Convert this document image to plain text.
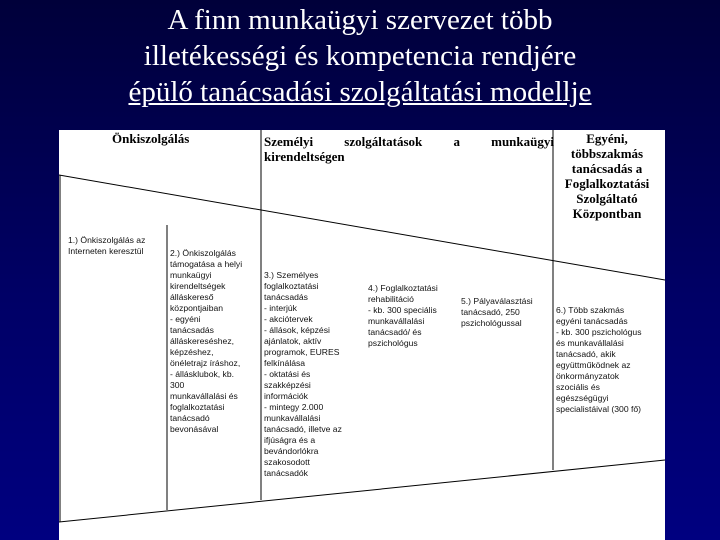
A finn munkaügyi szervezet több
illetékességi és kompetencia rendjére
épülő tanácsadási szolgáltatási modellje
Önkiszolgálás	Személyi szolgáltatások a munkaügyi
kirendeltségen
Egyéni,
többszakmás
tanácsadás a
Foglalkoztatási
Szolgáltató
Központban
1.) Önkiszolgálás az
Interneten keresztül	2.) Önkiszolgálás
támogatása a helyi
munkaügyi
kirendeltségek
álláskereső
központjaiban
- egyéni
tanácsadás
álláskereséshez,
képzéshez,
önéletrajz íráshoz,
- állásklubok, kb.
300
munkavállalási és
foglalkoztatási
tanácsadó
bevonásával
3.) Személyes
foglalkoztatási
tanácsadás
- interjúk
- akciótervek
- állások, képzési
ajánlatok, aktív
programok, EURES
felkínálása
- oktatási és
szakképzési
információk
- mintegy 2.000
munkavállalási
tanácsadó, illetve az
ifjúságra és a
bevándorlókra
szakosodott
tanácsadók
4.) Foglalkoztatási
rehabilitáció
- kb. 300 speciális
munkavállalási
tanácsadó/ és
pszichológus
5.) Pályaválasztási
tanácsadó, 250
pszichológussal
6.) Több szakmás
egyéni tanácsadás
- kb. 300 pszichológus
és munkavállalási
tanácsadó, akik
együttműködnek az
önkormányzatok
szociális és
egészségügyi
specialistáival (300 fő)
